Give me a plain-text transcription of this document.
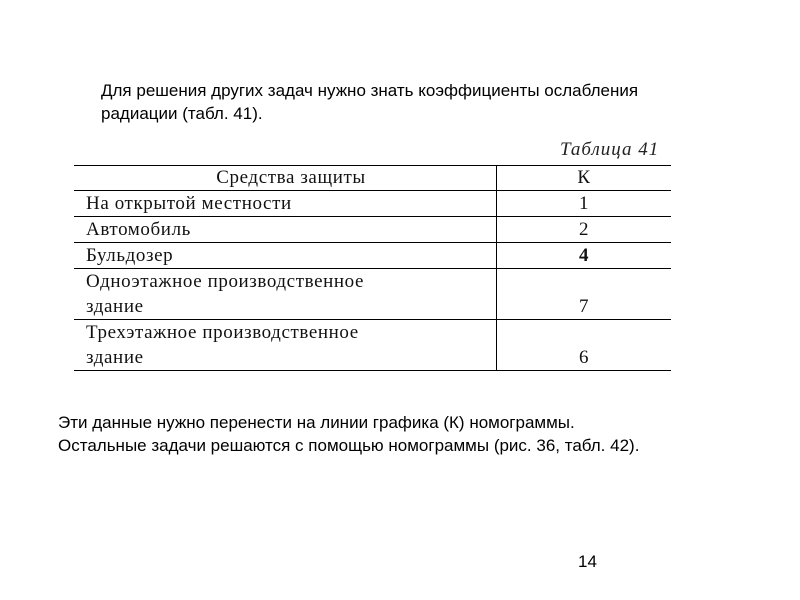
Для решения других задач нужно знать коэффициенты ослабления
радиации (табл. 41).
Таблица 41
Средства защиты	К
На открытой местности	1
Автомобиль	2
Бульдозер	4

Одноэтажное производственное
здание	7

Трехэтажное производственное
здание	6
Эти данные нужно перенести на линии графика (К) номограммы.
Остальные задачи решаются с помощью номограммы (рис. 36, табл. 42).
14
